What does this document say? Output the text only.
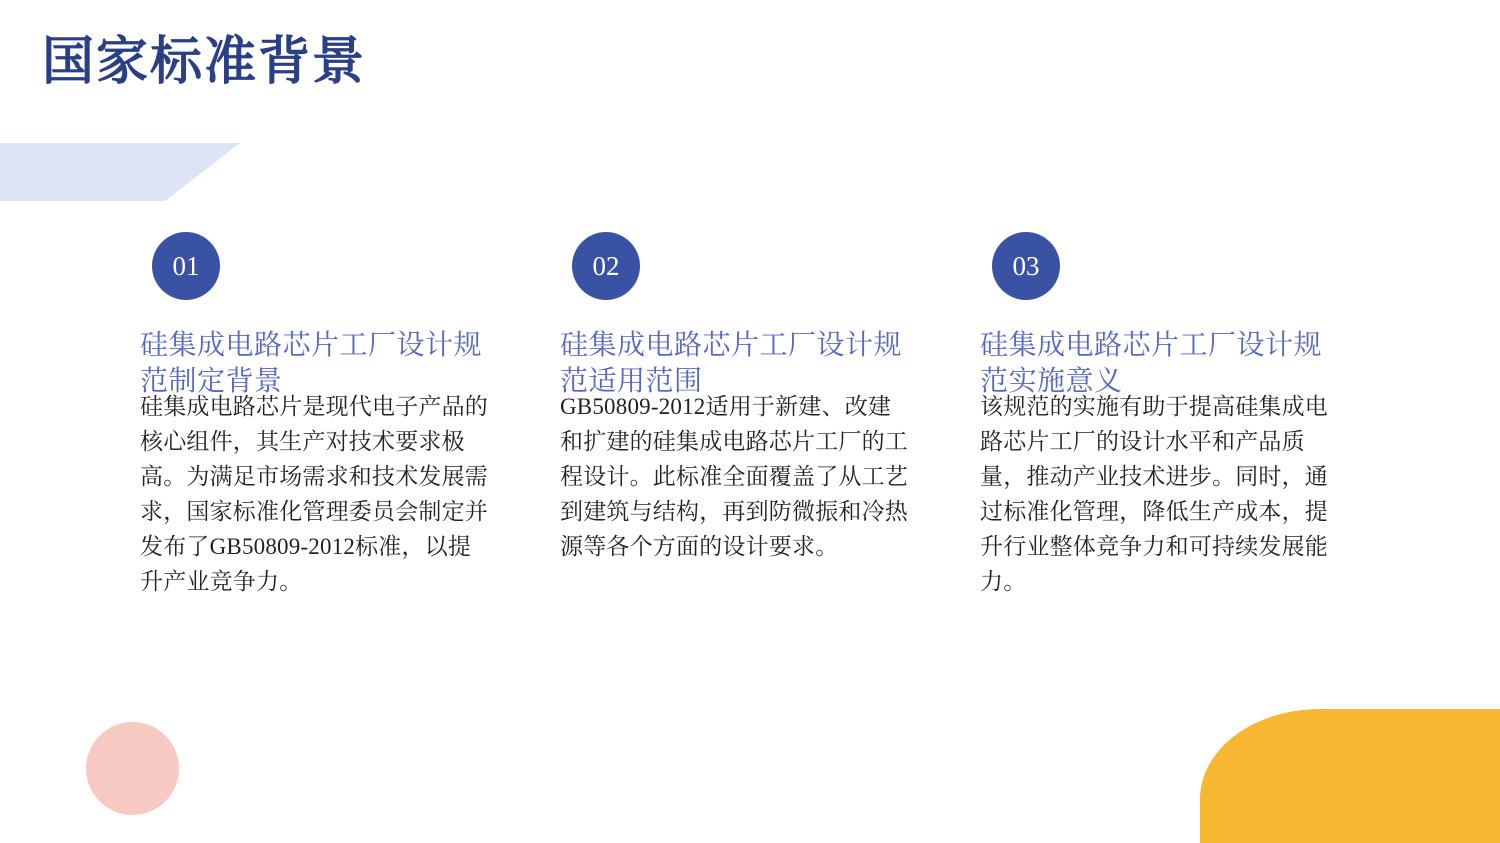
国家标准背景
01
硅集成电路芯片工厂设计规范制定背景
硅集成电路芯片是现代电子产品的核心组件，其生产对技术要求极高。为满足市场需求和技术发展需求，国家标准化管理委员会制定并发布了GB50809-2012标准，以提升产业竞争力。
02
硅集成电路芯片工厂设计规范适用范围
GB50809-2012适用于新建、改建和扩建的硅集成电路芯片工厂的工程设计。此标准全面覆盖了从工艺到建筑与结构，再到防微振和冷热源等各个方面的设计要求。
03
硅集成电路芯片工厂设计规范实施意义
该规范的实施有助于提高硅集成电路芯片工厂的设计水平和产品质量，推动产业技术进步。同时，通过标准化管理，降低生产成本，提升行业整体竞争力和可持续发展能力。
